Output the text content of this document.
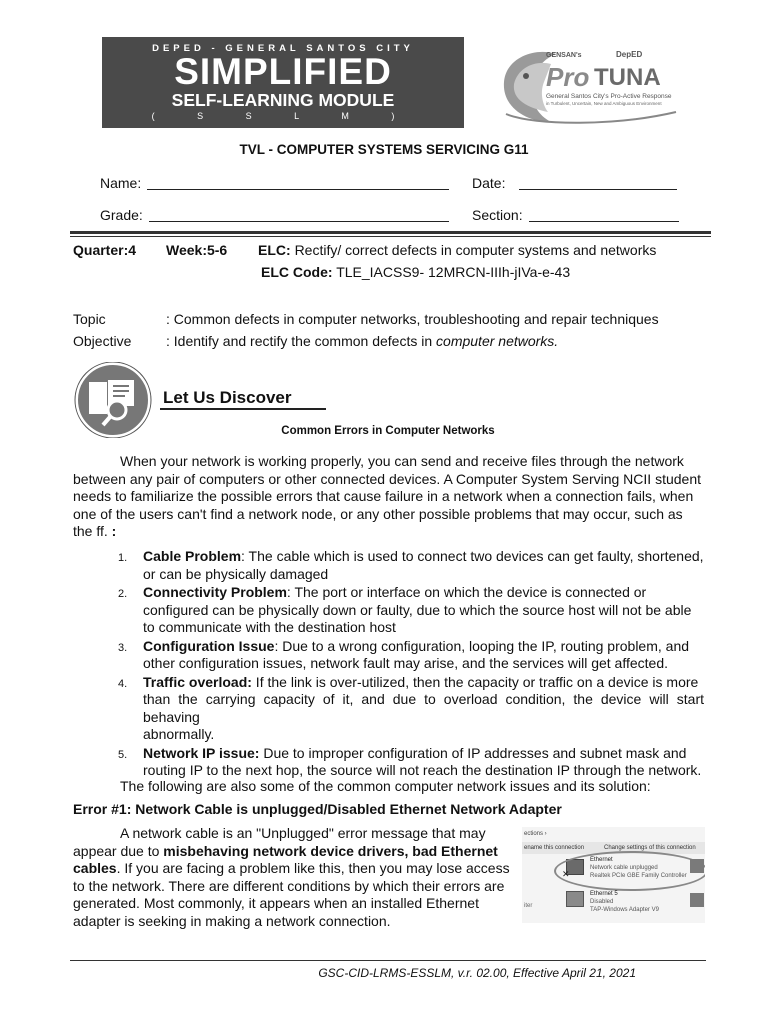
DEPED - GENERAL SANTOS CITY
SIMPLIFIED
SELF-LEARNING MODULE
( S S L M )
GENSAN's	DepED
Pro TUNA
General Santos City's Pro-Active Response
in Turbulent, Uncertain, New and Ambiguous Environment
TVL - COMPUTER SYSTEMS SERVICING G11
Name:	Date:
Grade:	Section:
Quarter:4 Week:5-6 ELC: Rectify/ correct defects in computer systems and networks
ELC Code: TLE_IACSS9- 12MRCN-IIIh-jIVa-e-43
Topic	: Common defects in computer networks, troubleshooting and repair techniques
Objective : Identify and rectify the common defects in computer networks.
Let Us Discover
Common Errors in Computer Networks
When your network is working properly, you can send and receive files through the network
between any pair of computers or other connected devices. A Computer System Serving NCII student
needs to familiarize the possible errors that cause failure in a network when a connection fails, when
one of the users can't find a network node, or any other possible problems that may occur, such as
the ff. :
1. Cable Problem: The cable which is used to connect two devices can get faulty, shortened,
or can be physically damaged
2. Connectivity Problem: The port or interface on which the device is connected or
configured can be physically down or faulty, due to which the source host will not be able
to communicate with the destination host
3. Configuration Issue: Due to a wrong configuration, looping the IP, routing problem, and
other configuration issues, network fault may arise, and the services will get affected.
4. Traffic overload: If the link is over-utilized, then the capacity or traffic on a device is more
than the carrying capacity of it, and due to overload condition, the device will start behaving
abnormally.
5. Network IP issue: Due to improper configuration of IP addresses and subnet mask and
routing IP to the next hop, the source will not reach the destination IP through the network.
The following are also some of the common computer network issues and its solution:
Error #1: Network Cable is unplugged/Disabled Ethernet Network Adapter
A network cable is an "Unplugged" error message that may
appear due to misbehaving network device drivers, bad Ethernet
cables. If you are facing a problem like this, then you may lose access
to the network. There are different conditions by which their errors are
generated. Most commonly, it appears when an installed Ethernet
adapter is seeking in making a network connection.
ections ›
ename this connection	Change settings of this connection
✕
Ethernet
Network cable unplugged
Realtek PCIe GBE Family Controller
Ethernet 5
Disabled
TAP-Windows Adapter V9
iter
GSC-CID-LRMS-ESSLM, v.r. 02.00, Effective April 21, 2021
